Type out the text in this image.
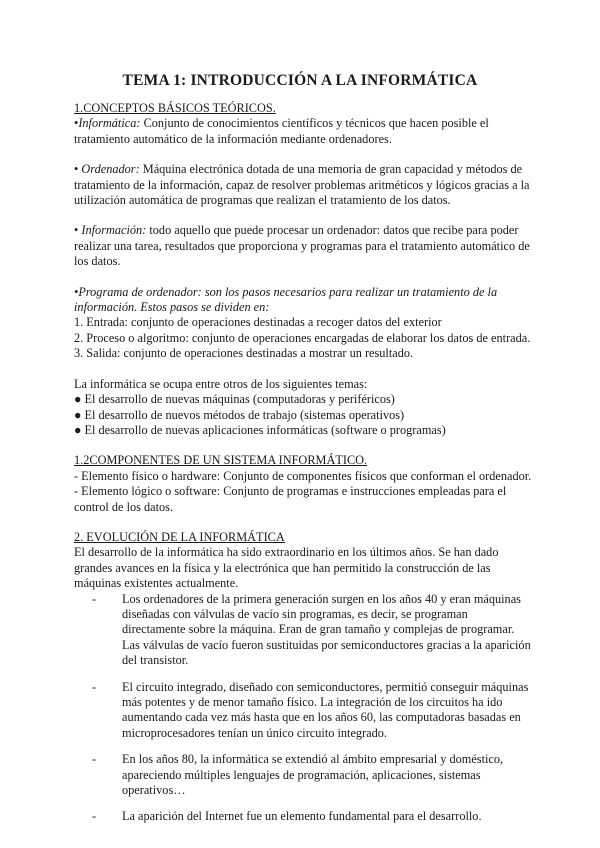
TEMA 1: INTRODUCCIÓN A LA INFORMÁTICA

1.CONCEPTOS BÁSICOS TEÓRICOS.

•Informática: Conjunto de conocimientos científicos y técnicos que hacen posible el tratamiento automático de la información mediante ordenadores.

• Ordenador: Máquina electrónica dotada de una memoria de gran capacidad y métodos de tratamiento de la información, capaz de resolver problemas aritméticos y lógicos gracias a la utilización automática de programas que realizan el tratamiento de los datos.

• Información: todo aquello que puede procesar un ordenador: datos que recibe para poder realizar una tarea, resultados que proporciona y programas para el tratamiento automático de los datos.

•Programa de ordenador: son los pasos necesarios para realizar un tratamiento de la información. Estos pasos se dividen en:

1. Entrada: conjunto de operaciones destinadas a recoger datos del exterior

2. Proceso o algoritmo: conjunto de operaciones encargadas de elaborar los datos de entrada.

3. Salida: conjunto de operaciones destinadas a mostrar un resultado.

La informática se ocupa entre otros de los siguientes temas:

● El desarrollo de nuevas máquinas (computadoras y periféricos)

● El desarrollo de nuevos métodos de trabajo (sistemas operativos)

● El desarrollo de nuevas aplicaciones informáticas (software o programas)

1.2COMPONENTES DE UN SISTEMA INFORMÁTICO.

- Elemento físico o hardware: Conjunto de componentes físicos que conforman el ordenador.

- Elemento lógico o software: Conjunto de programas e instrucciones empleadas para el control de los datos.

2. EVOLUCIÓN DE LA INFORMÁTICA

El desarrollo de la informática ha sido extraordinario en los últimos años. Se han dado grandes avances en la física y la electrónica que han permitido la construcción de las máquinas existentes actualmente.

- Los ordenadores de la primera generación surgen en los años 40 y eran máquinas diseñadas con válvulas de vacío sin programas, es decir, se programan directamente sobre la máquina. Eran de gran tamaño y complejas de programar. Las válvulas de vacío fueron sustituidas por semiconductores gracias a la aparición del transistor.

- El circuito integrado, diseñado con semiconductores, permitió conseguir máquinas más potentes y de menor tamaño físico. La integración de los circuitos ha ido aumentando cada vez más hasta que en los años 60, las computadoras basadas en microprocesadores tenían un único circuito integrado.

- En los años 80, la informática se extendió al ámbito empresarial y doméstico, apareciendo múltiples lenguajes de programación, aplicaciones, sistemas operativos…

- La aparición del Internet fue un elemento fundamental para el desarrollo.
